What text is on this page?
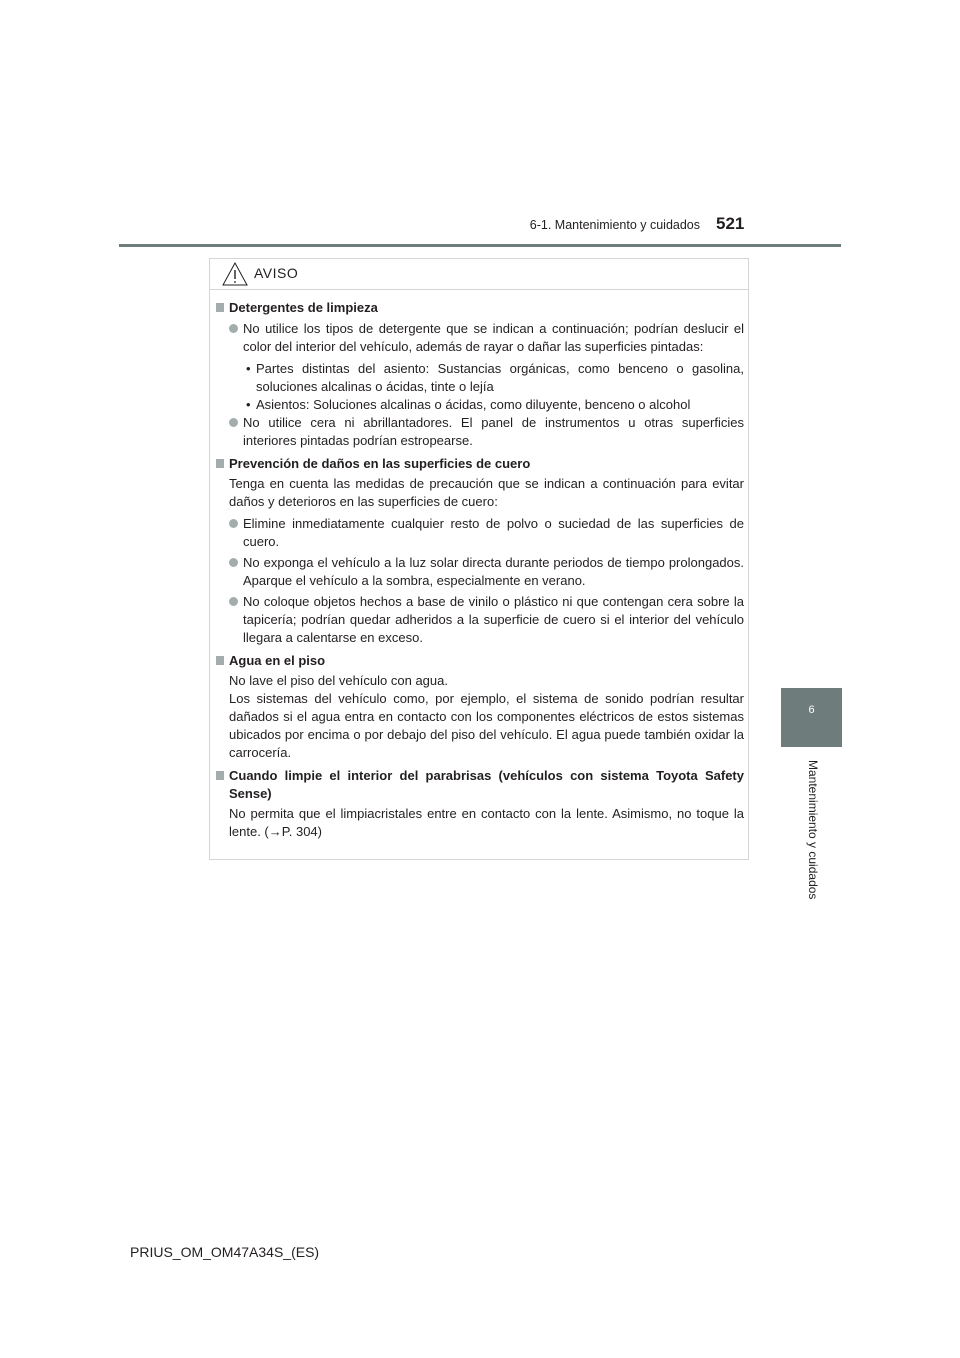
6-1. Mantenimiento y cuidados 521
6
Mantenimiento y cuidados
AVISO
Detergentes de limpieza
No utilice los tipos de detergente que se indican a continuación; podrían deslucir el color del interior del vehículo, además de rayar o dañar las superficies pintadas:
• Partes distintas del asiento: Sustancias orgánicas, como benceno o gasolina, soluciones alcalinas o ácidas, tinte o lejía
• Asientos: Soluciones alcalinas o ácidas, como diluyente, benceno o alcohol
No utilice cera ni abrillantadores. El panel de instrumentos u otras superficies interiores pintadas podrían estropearse.
Prevención de daños en las superficies de cuero
Tenga en cuenta las medidas de precaución que se indican a continuación para evitar daños y deterioros en las superficies de cuero:
Elimine inmediatamente cualquier resto de polvo o suciedad de las superficies de cuero.
No exponga el vehículo a la luz solar directa durante periodos de tiempo prolongados. Aparque el vehículo a la sombra, especialmente en verano.
No coloque objetos hechos a base de vinilo o plástico ni que contengan cera sobre la tapicería; podrían quedar adheridos a la superficie de cuero si el interior del vehículo llegara a calentarse en exceso.
Agua en el piso
No lave el piso del vehículo con agua.
Los sistemas del vehículo como, por ejemplo, el sistema de sonido podrían resultar dañados si el agua entra en contacto con los componentes eléctricos de estos sistemas ubicados por encima o por debajo del piso del vehículo. El agua puede también oxidar la carrocería.
Cuando limpie el interior del parabrisas (vehículos con sistema Toyota Safety Sense)
No permita que el limpiacristales entre en contacto con la lente. Asimismo, no toque la lente. (→P. 304)
PRIUS_OM_OM47A34S_(ES)
